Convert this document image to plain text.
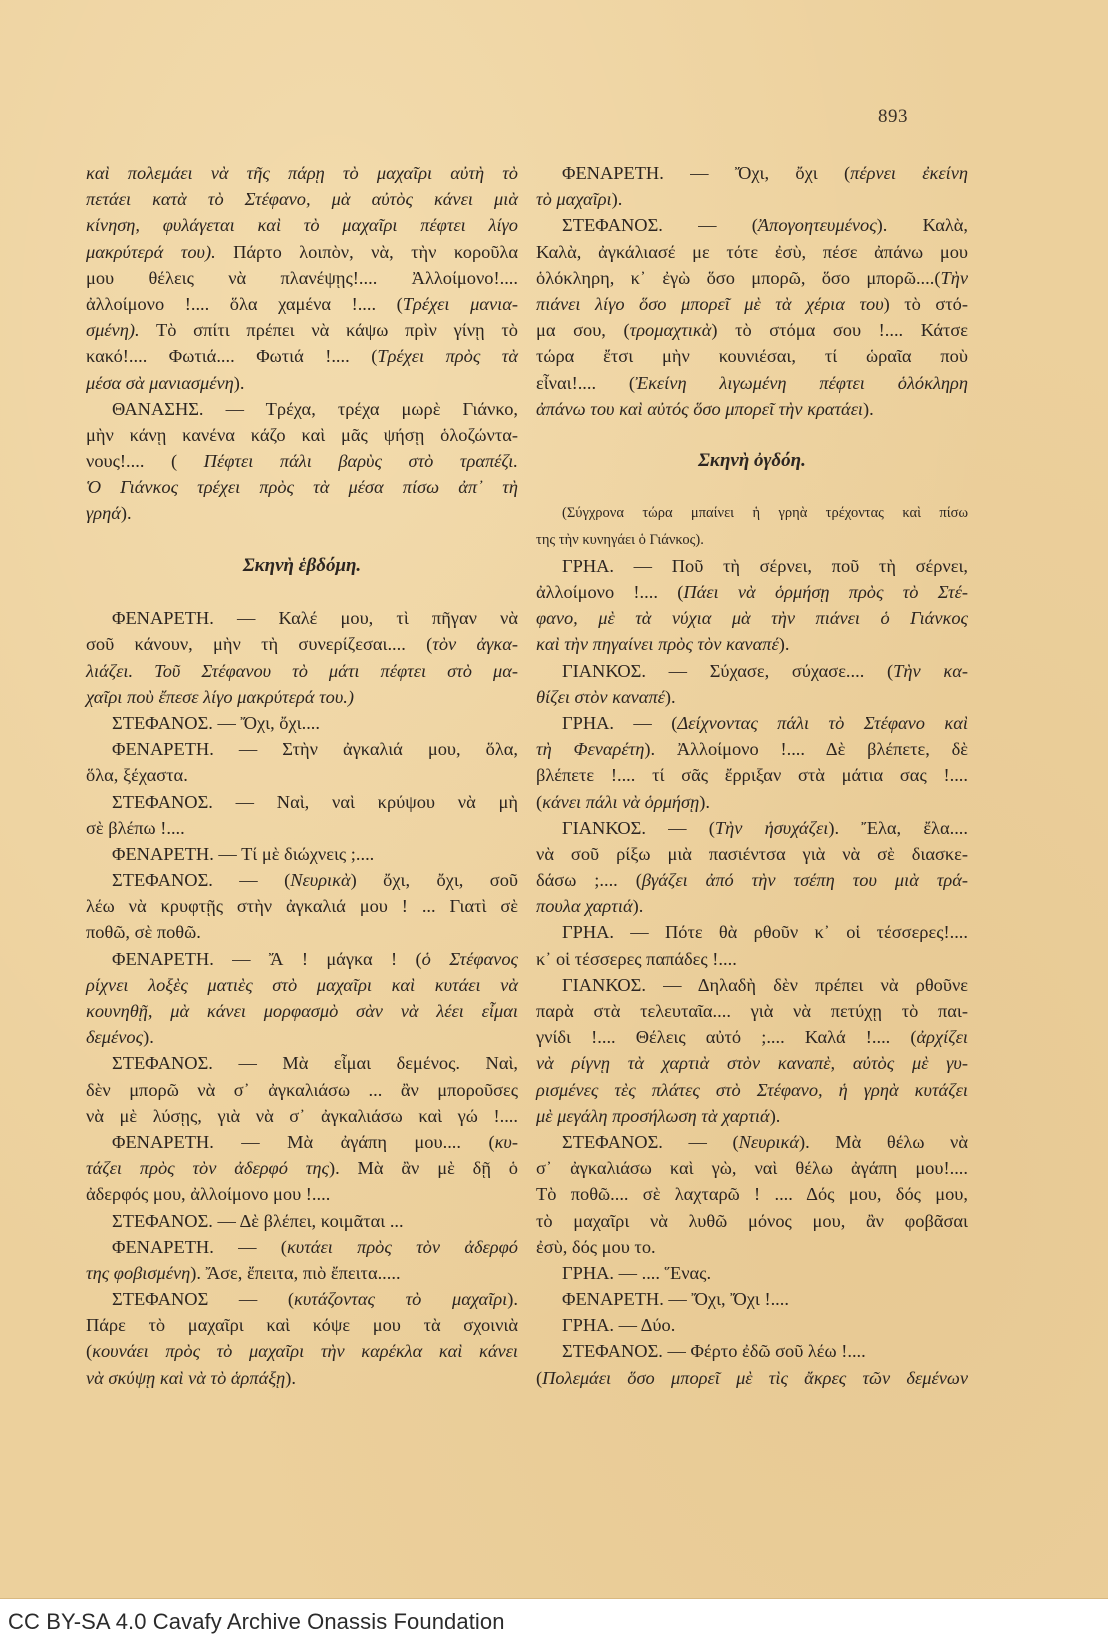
893
καὶ πολεμάει νὰ τῆς πάρῃ τὸ μαχαῖρι αὐτὴ τὸ
πετάει κατὰ τὸ Στέφανο, μὰ αὐτὸς κάνει μιὰ
κίνηση, φυλάγεται καὶ τὸ μαχαῖρι πέφτει λίγο
μακρύτερά του). Πάρτο λοιπὸν, νὰ, τὴν κοροῦλα
μου θέλεις νὰ πλανέψῃς!.... Ἀλλοίμονο!....
ἀλλοίμονο !.... ὅλα χαμένα !.... (Τρέχει μανια-
σμένη). Τὸ σπίτι πρέπει νὰ κάψω πρὶν γίνῃ τὸ
κακό!.... Φωτιά.... Φωτιά !.... (Τρέχει πρὸς τὰ
μέσα σὰ μανιασμένη).
ΘΑΝΑΣΗΣ. — Τρέχα, τρέχα μωρὲ Γιάνκο,
μὴν κάνῃ κανένα κάζο καὶ μᾶς ψήσῃ ὁλοζώντα-
νους!.... ( Πέφτει πάλι βαρὺς στὸ τραπέζι.
Ὁ Γιάνκος τρέχει πρὸς τὰ μέσα πίσω ἀπ᾿ τὴ
γρηά).
Σκηνὴ ἑβδόμη.
ΦΕΝΑΡΕΤΗ. — Καλέ μου, τὶ πῆγαν νὰ
σοῦ κάνουν, μὴν τὴ συνερίζεσαι.... (τὸν ἀγκα-
λιάζει. Τοῦ Στέφανου τὸ μάτι πέφτει στὸ μα-
χαῖρι ποὺ ἔπεσε λίγο μακρύτερά του.)
ΣΤΕΦΑΝΟΣ. — Ὄχι, ὄχι....
ΦΕΝΑΡΕΤΗ. — Στὴν ἀγκαλιά μου, ὅλα,
ὅλα, ξέχαστα.
ΣΤΕΦΑΝΟΣ. — Ναὶ, ναὶ κρύψου νὰ μὴ
σὲ βλέπω !....
ΦΕΝΑΡΕΤΗ. — Τί μὲ διώχνεις ;....
ΣΤΕΦΑΝΟΣ. — (Νευρικὰ) ὄχι, ὄχι, σοῦ
λέω νὰ κρυφτῇς στὴν ἀγκαλιά μου ! ... Γιατὶ σὲ
ποθῶ, σὲ ποθῶ.
ΦΕΝΑΡΕΤΗ. — Ἄ ! μάγκα ! (ὁ Στέφανος
ρίχνει λοξὲς ματιὲς στὸ μαχαῖρι καὶ κυτάει νὰ
κουνηθῇ, μὰ κάνει μορφασμὸ σὰν νὰ λέει εἶμαι
δεμένος).
ΣΤΕΦΑΝΟΣ. — Μὰ εἶμαι δεμένος. Ναὶ,
δὲν μπορῶ νὰ σ᾿ ἀγκαλιάσω ... ἂν μποροῦσες
νὰ μὲ λύσῃς, γιὰ νὰ σ᾿ ἀγκαλιάσω καὶ γώ !....
ΦΕΝΑΡΕΤΗ. — Μὰ ἀγάπη μου.... (κυ-
τάζει πρὸς τὸν ἀδερφό της). Μὰ ἂν μὲ δῇ ὁ
ἀδερφός μου, ἀλλοίμονο μου !....
ΣΤΕΦΑΝΟΣ. — Δὲ βλέπει, κοιμᾶται ...
ΦΕΝΑΡΕΤΗ. — (κυτάει πρὸς τὸν ἀδερφό
της φοβισμένη). Ἄσε, ἔπειτα, πιὸ ἔπειτα.....
ΣΤΕΦΑΝΟΣ — (κυτάζοντας τὸ μαχαῖρι).
Πάρε τὸ μαχαῖρι καὶ κόψε μου τὰ σχοινιὰ
(κουνάει πρὸς τὸ μαχαῖρι τὴν καρέκλα καὶ κάνει
νὰ σκύψῃ καὶ νὰ τὸ ἁρπάξῃ).
ΦΕΝΑΡΕΤΗ. — Ὄχι, ὄχι (πέρνει ἐκείνη
τὸ μαχαῖρι).
ΣΤΕΦΑΝΟΣ. — (Ἀπογοητευμένος). Καλὰ,
Καλὰ, ἀγκάλιασέ με τότε ἐσὺ, πέσε ἀπάνω μου
ὁλόκληρη, κ᾿ ἐγὼ ὅσο μπορῶ, ὅσο μπορῶ....(Τὴν
πιάνει λίγο ὅσο μπορεῖ μὲ τὰ χέρια του) τὸ στό-
μα σου, (τρομαχτικὰ) τὸ στόμα σου !.... Κάτσε
τώρα ἔτσι μὴν κουνιέσαι, τί ὡραῖα ποὺ
εἶναι!.... (Ἐκείνη λιγωμένη πέφτει ὁλόκληρη
ἀπάνω του καὶ αὐτός ὅσο μπορεῖ τὴν κρατάει).
Σκηνὴ ὀγδόη.
(Σύγχρονα τώρα μπαίνει ἡ γρηὰ τρέχοντας καὶ πίσω
της τὴν κυνηγάει ὁ Γιάνκος).
ΓΡΗΑ. — Ποῦ τὴ σέρνει, ποῦ τὴ σέρνει,
ἀλλοίμονο !.... (Πάει νὰ ὁρμήσῃ πρὸς τὸ Στέ-
φανο, μὲ τὰ νύχια μὰ τὴν πιάνει ὁ Γιάνκος
καὶ τὴν πηγαίνει πρὸς τὸν καναπέ).
ΓΙΑΝΚΟΣ. — Σύχασε, σύχασε.... (Τὴν κα-
θίζει στὸν καναπέ).
ΓΡΗΑ. — (Δείχνοντας πάλι τὸ Στέφανο καὶ
τὴ Φεναρέτη). Ἀλλοίμονο !.... Δὲ βλέπετε, δὲ
βλέπετε !.... τί σᾶς ἔρριξαν στὰ μάτια σας !....
(κάνει πάλι νὰ ὁρμήσῃ).
ΓΙΑΝΚΟΣ. — (Τὴν ἡσυχάζει). Ἔλα, ἔλα....
νὰ σοῦ ρίξω μιὰ πασιέντσα γιὰ νὰ σὲ διασκε-
δάσω ;.... (βγάζει ἀπό τὴν τσέπη του μιὰ τρά-
πουλα χαρτιά).
ΓΡΗΑ. — Πότε θὰ ρθοῦν κ᾿ οἱ τέσσερες!....
κ᾿ οἱ τέσσερες παπάδες !....
ΓΙΑΝΚΟΣ. — Δηλαδὴ δὲν πρέπει νὰ ρθοῦνε
παρὰ στὰ τελευταῖα.... γιὰ νὰ πετύχῃ τὸ παι-
γνίδι !.... Θέλεις αὐτό ;.... Καλά !.... (ἀρχίζει
νὰ ρίγνῃ τὰ χαρτιὰ στὸν καναπὲ, αὐτὸς μὲ γυ-
ρισμένες τὲς πλάτες στὸ Στέφανο, ἡ γρηὰ κυτάζει
μὲ μεγάλη προσήλωση τὰ χαρτιά).
ΣΤΕΦΑΝΟΣ. — (Νευρικά). Μὰ θέλω νὰ
σ᾿ ἀγκαλιάσω καὶ γὼ, ναὶ θέλω ἀγάπη μου!....
Τὸ ποθῶ.... σὲ λαχταρῶ ! .... Δός μου, δός μου,
τὸ μαχαῖρι νὰ λυθῶ μόνος μου, ἂν φοβᾶσαι
ἐσὺ, δός μου το.
ΓΡΗΑ. — .... Ἕνας.
ΦΕΝΑΡΕΤΗ. — Ὄχι, Ὄχι !....
ΓΡΗΑ. — Δύο.
ΣΤΕΦΑΝΟΣ. — Φέρτο ἐδῶ σοῦ λέω !....
(Πολεμάει ὅσο μπορεῖ μὲ τὶς ἄκρες τῶν δεμένων
CC BY-SA 4.0 Cavafy Archive Onassis Foundation
